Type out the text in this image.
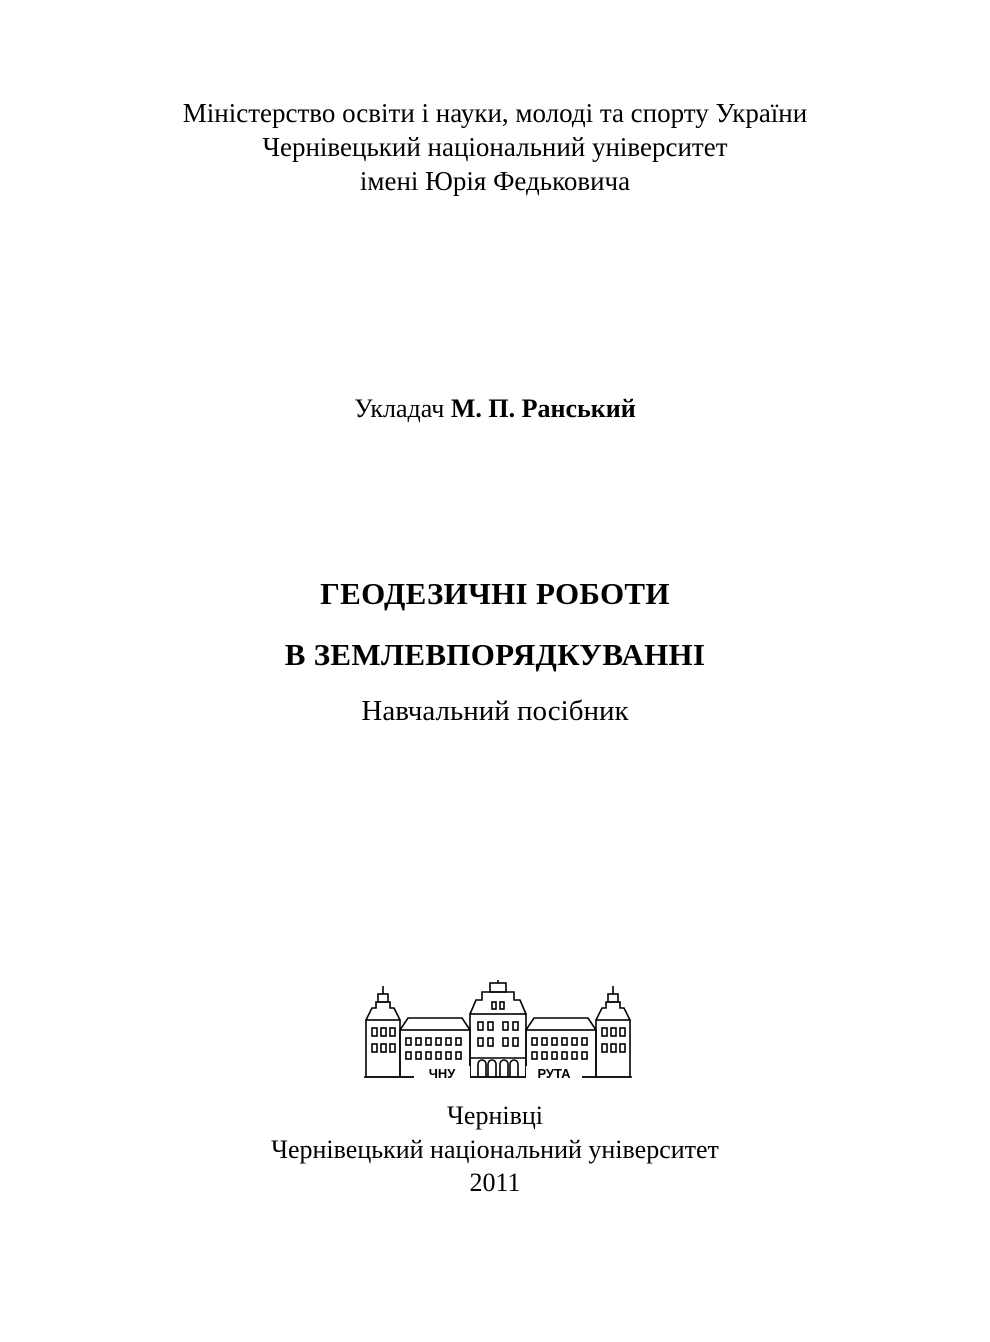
Міністерство освіти і науки, молоді та спорту України
Чернівецький національний університет
імені Юрія Федьковича
Укладач М. П. Ранський
ГЕОДЕЗИЧНІ РОБОТИ
В ЗЕМЛЕВПОРЯДКУВАННІ
Навчальний посібник
ЧНУ	РУТА
Чернівці
Чернівецький національний університет
2011
